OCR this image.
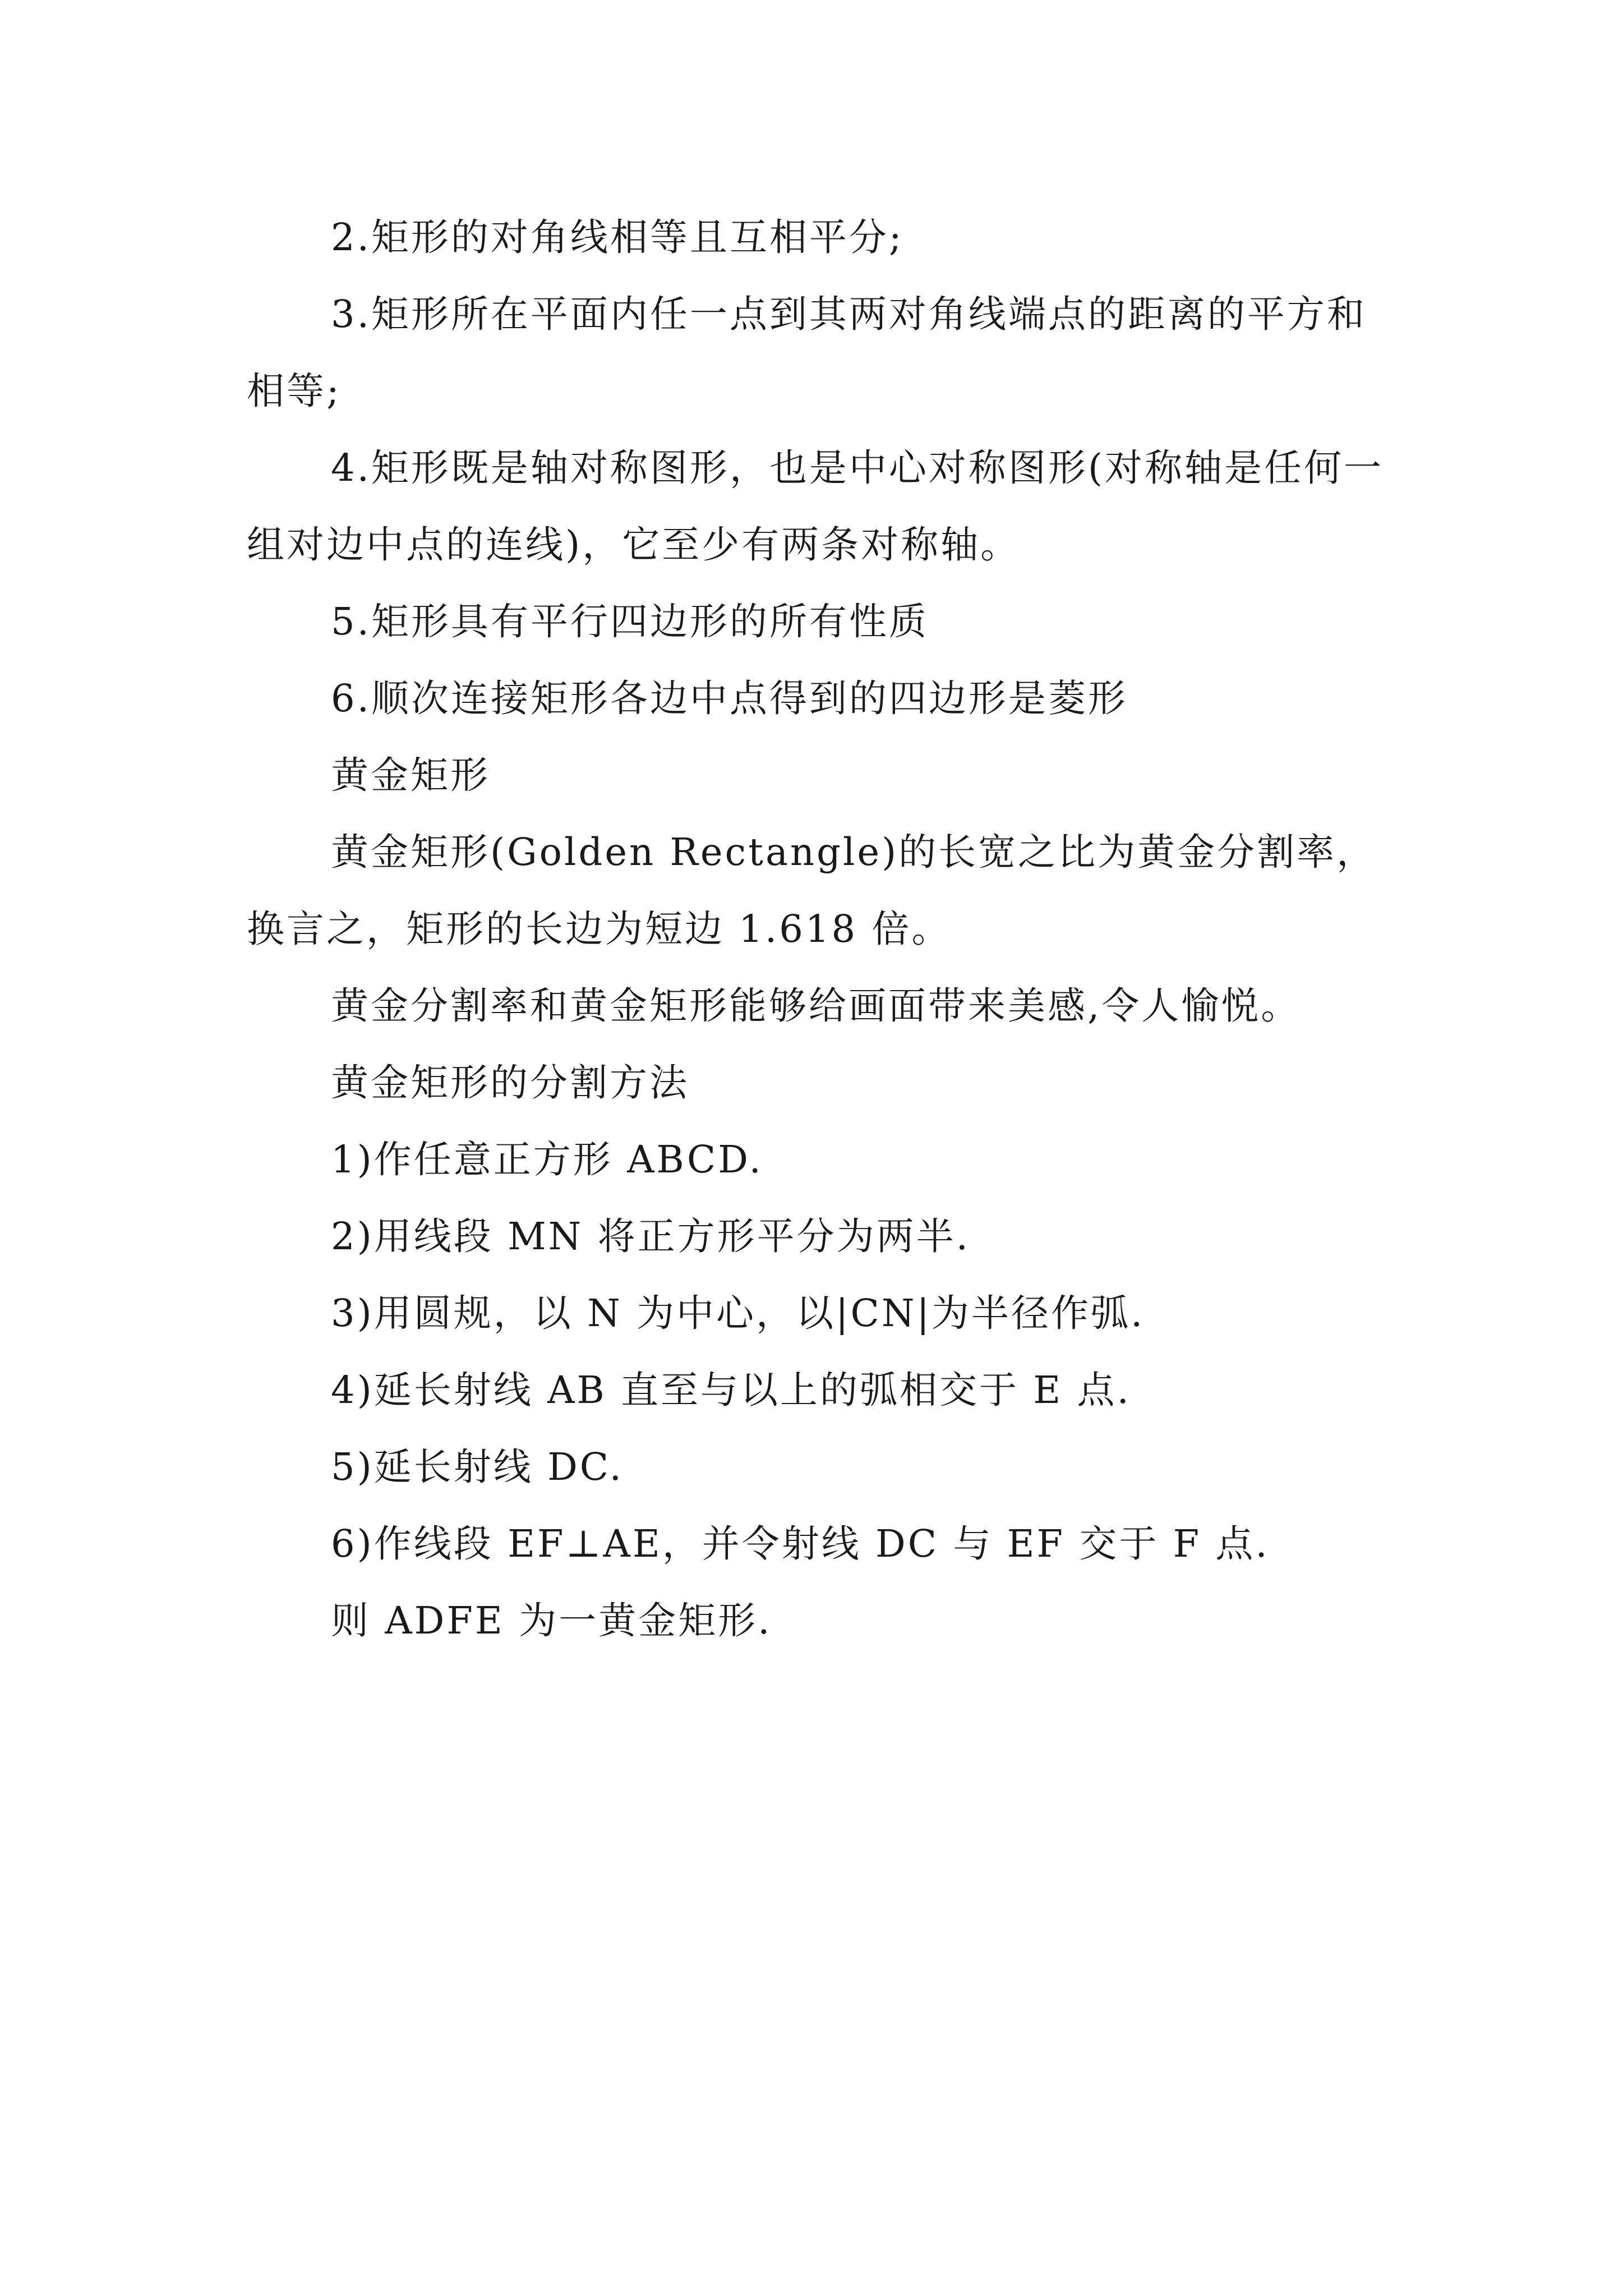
2.矩形的对角线相等且互相平分;

3.矩形所在平面内任一点到其两对角线端点的距离的平方和相等;

4.矩形既是轴对称图形，也是中心对称图形(对称轴是任何一组对边中点的连线)，它至少有两条对称轴。

5.矩形具有平行四边形的所有性质

6.顺次连接矩形各边中点得到的四边形是菱形

黄金矩形

黄金矩形(Golden Rectangle)的长宽之比为黄金分割率，换言之，矩形的长边为短边 1.618 倍。

黄金分割率和黄金矩形能够给画面带来美感,令人愉悦。

黄金矩形的分割方法

1)作任意正方形 ABCD.

2)用线段 MN 将正方形平分为两半.

3)用圆规，以 N 为中心，以|CN|为半径作弧.

4)延长射线 AB 直至与以上的弧相交于 E 点.

5)延长射线 DC.

6)作线段 EF⊥AE，并令射线 DC 与 EF 交于 F 点.

则 ADFE 为一黄金矩形.
